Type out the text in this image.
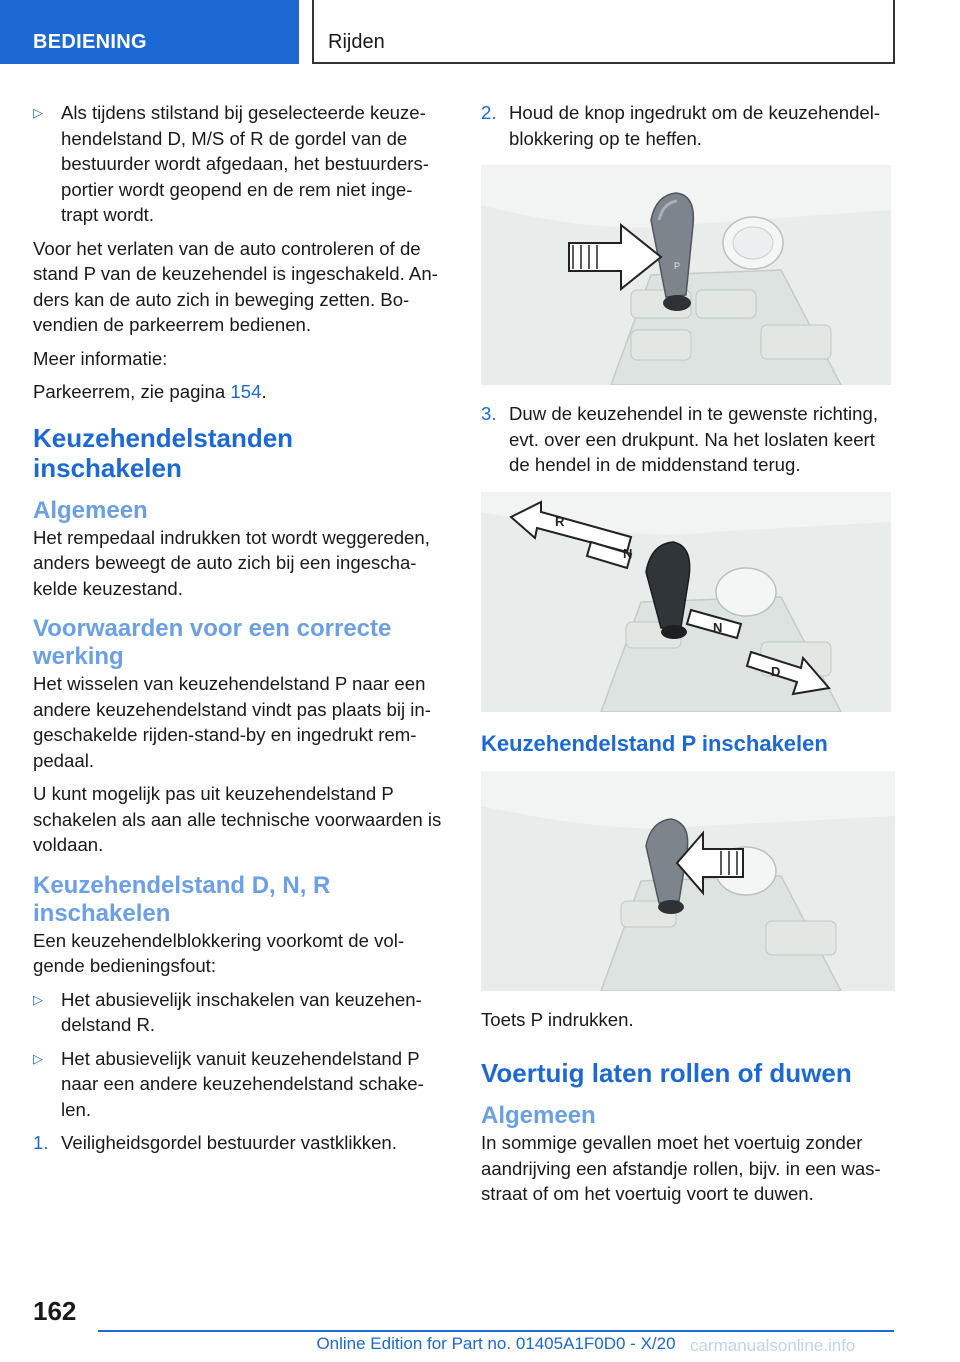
BEDIENING	Rijden
▷ Als tijdens stilstand bij geselecteerde keuze-hendelstand D, M/S of R de gordel van de bestuurder wordt afgedaan, het bestuurders-portier wordt geopend en de rem niet inge-trapt wordt.

Voor het verlaten van de auto controleren of de stand P van de keuzehendel is ingeschakeld. An-ders kan de auto zich in beweging zetten. Bo-vendien de parkeerrem bedienen.

Meer informatie:

Parkeerrem, zie pagina 154.

Keuzehendelstanden inschakelen
Algemeen

Het rempedaal indrukken tot wordt weggereden, anders beweegt de auto zich bij een ingescha-kelde keuzestand.

Voorwaarden voor een correcte werking

Het wisselen van keuzehendelstand P naar een andere keuzehendelstand vindt pas plaats bij in-geschakelde rijden-stand-by en ingedrukt rem-pedaal.

U kunt mogelijk pas uit keuzehendelstand P schakelen als aan alle technische voorwaarden is voldaan.

Keuzehendelstand D, N, R inschakelen

Een keuzehendelblokkering voorkomt de vol-gende bedieningsfout:

▷ Het abusievelijk inschakelen van keuzehen-delstand R.
▷ Het abusievelijk vanuit keuzehendelstand P naar een andere keuzehendelstand schake-len.
1. Veiligheidsgordel bestuurder vastklikken.
2. Houd de knop ingedrukt om de keuzehendel-blokkering op te heffen.
P
3. Duw de keuzehendel in te gewenste richting, evt. over een drukpunt. Na het loslaten keert de hendel in de middenstand terug.
R
N
N
D
Keuzehendelstand P inschakelen

Toets P indrukken.

Voertuig laten rollen of duwen
Algemeen

In sommige gevallen moet het voertuig zonder aandrijving een afstandje rollen, bijv. in een was-straat of om het voertuig voort te duwen.

162
Online Edition for Part no. 01405A1F0D0 - X/20 carmanualsonline.info
